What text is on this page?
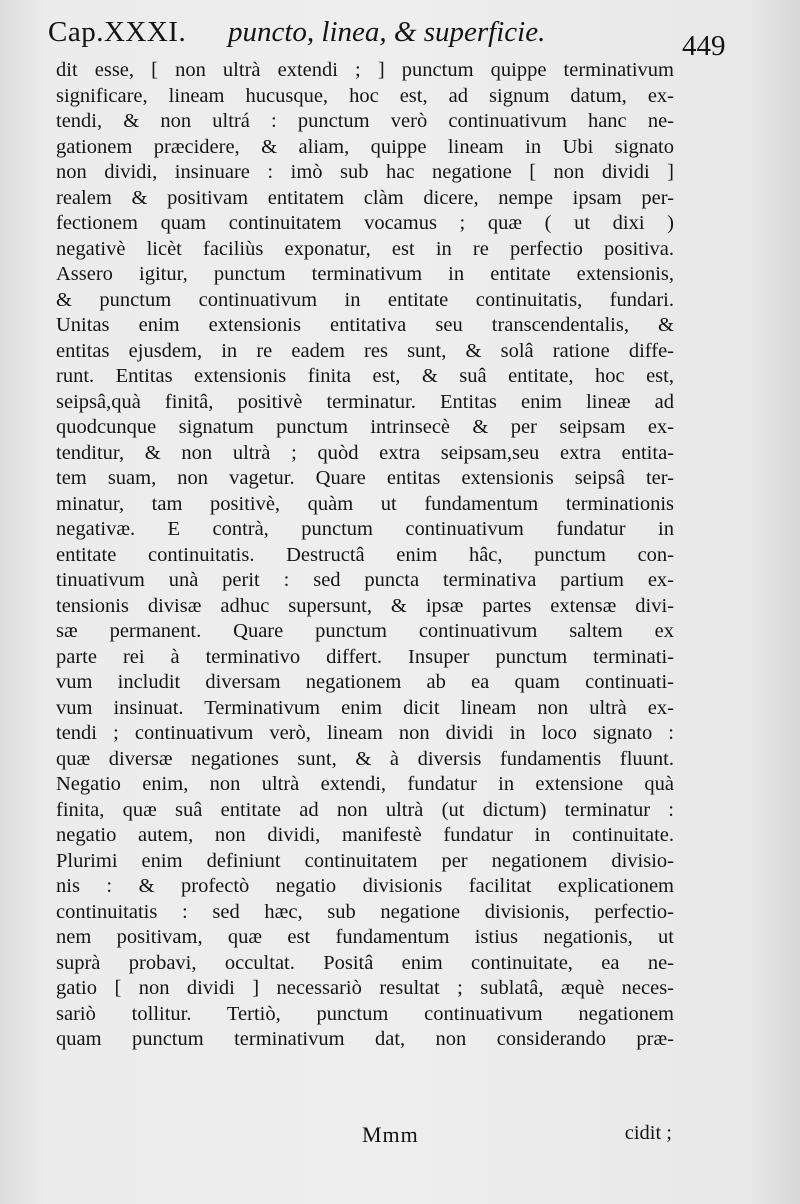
Cap.XXXI. puncto, linea, & superficie.	449
dit esse, [ non ultrà extendi ; ] punctum quippe terminativum
significare, lineam hucusque, hoc est, ad signum datum, ex-
tendi, & non ultrá : punctum verò continuativum hanc ne-
gationem præcidere, & aliam, quippe lineam in Ubi signato
non dividi, insinuare : imò sub hac negatione [ non dividi ]
realem & positivam entitatem clàm dicere, nempe ipsam per-
fectionem quam continuitatem vocamus ; quæ ( ut dixi )
negativè licèt faciliùs exponatur, est in re perfectio positiva.
Assero igitur, punctum terminativum in entitate extensionis,
& punctum continuativum in entitate continuitatis, fundari.
Unitas enim extensionis entitativa seu transcendentalis, &
entitas ejusdem, in re eadem res sunt, & solâ ratione diffe-
runt. Entitas extensionis finita est, & suâ entitate, hoc est,
seipsâ,quà finitâ, positivè terminatur. Entitas enim lineæ ad
quodcunque signatum punctum intrinsecè & per seipsam ex-
tenditur, & non ultrà ; quòd extra seipsam,seu extra entita-
tem suam, non vagetur. Quare entitas extensionis seipsâ ter-
minatur, tam positivè, quàm ut fundamentum terminationis
negativæ. E contrà, punctum continuativum fundatur in
entitate continuitatis. Destructâ enim hâc, punctum con-
tinuativum unà perit : sed puncta terminativa partium ex-
tensionis divisæ adhuc supersunt, & ipsæ partes extensæ divi-
sæ permanent. Quare punctum continuativum saltem ex
parte rei à terminativo differt. Insuper punctum terminati-
vum includit diversam negationem ab ea quam continuati-
vum insinuat. Terminativum enim dicit lineam non ultrà ex-
tendi ; continuativum verò, lineam non dividi in loco signato :
quæ diversæ negationes sunt, & à diversis fundamentis fluunt.
Negatio enim, non ultrà extendi, fundatur in extensione quà
finita, quæ suâ entitate ad non ultrà (ut dictum) terminatur :
negatio autem, non dividi, manifestè fundatur in continuitate.
Plurimi enim definiunt continuitatem per negationem divisio-
nis : & profectò negatio divisionis facilitat explicationem
continuitatis : sed hæc, sub negatione divisionis, perfectio-
nem positivam, quæ est fundamentum istius negationis, ut
suprà probavi, occultat. Positâ enim continuitate, ea ne-
gatio [ non dividi ] necessariò resultat ; sublatâ, æquè neces-
sariò tollitur. Tertiò, punctum continuativum negationem
quam punctum terminativum dat, non considerando præ-
Mmm	cidit ;
